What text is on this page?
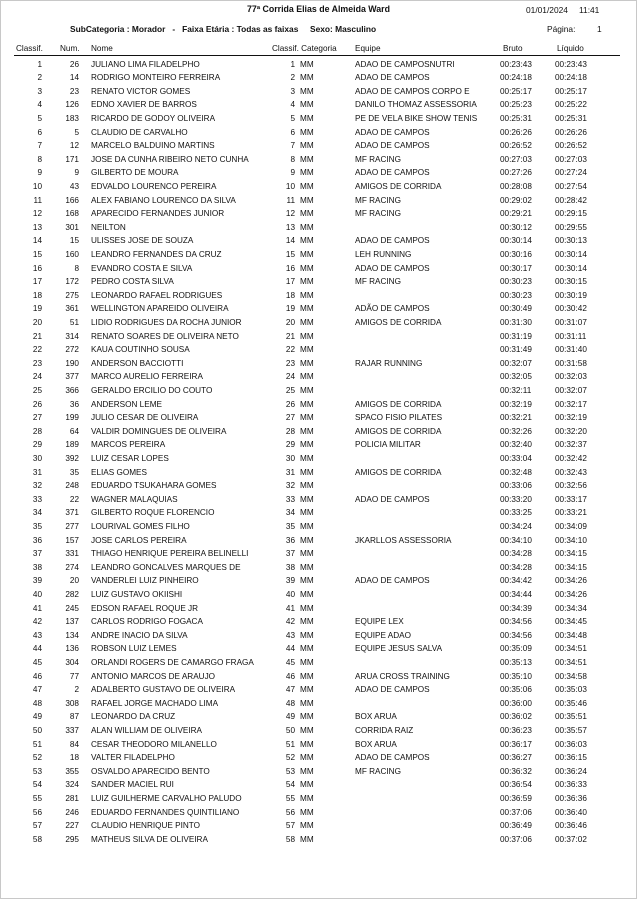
77ª Corrida Elias de Almeida Ward	01/01/2024 11:41
SubCategoria : Morador   -   Faixa Etária : Todas as faixas     Sexo: Masculino	Página:	1
Classif. Num. Nome	Classif. Categoria Equipe	Bruto	Líquido
1	26 JULIANO LIMA FILADELPHO	1 MM	ADAO DE CAMPOSNUTRI	00:23:43	00:23:43
2	14 RODRIGO MONTEIRO FERREIRA	2 MM	ADAO DE CAMPOS	00:24:18	00:24:18
3	23 RENATO VICTOR GOMES	3 MM	ADAO DE CAMPOS CORPO E	00:25:17	00:25:17
4	126 EDNO XAVIER DE BARROS	4 MM	DANILO THOMAZ ASSESSORIA	00:25:23	00:25:22
5	183 RICARDO DE GODOY OLIVEIRA	5 MM	PE DE VELA BIKE SHOW TENIS	00:25:31	00:25:31
6	5 CLAUDIO DE CARVALHO	6 MM	ADAO DE CAMPOS	00:26:26	00:26:26
7	12 MARCELO BALDUINO MARTINS	7 MM	ADAO DE CAMPOS	00:26:52	00:26:52
8	171 JOSE DA CUNHA RIBEIRO NETO CUNHA	8 MM	MF RACING	00:27:03	00:27:03
9	9 GILBERTO DE MOURA	9 MM	ADAO DE CAMPOS	00:27:26	00:27:24
10	43 EDVALDO LOURENCO PEREIRA	10 MM	AMIGOS DE CORRIDA	00:28:08	00:27:54
11	166 ALEX FABIANO LOURENCO DA SILVA	11 MM	MF RACING	00:29:02	00:28:42
12	168 APARECIDO FERNANDES JUNIOR	12 MM	MF RACING	00:29:21	00:29:15
13	301 NEILTON	13 MM	00:30:12	00:29:55
14	15 ULISSES JOSE DE SOUZA	14 MM	ADAO DE CAMPOS	00:30:14	00:30:13
15	160 LEANDRO FERNANDES DA CRUZ	15 MM	LEH RUNNING	00:30:16	00:30:14
16	8 EVANDRO COSTA E SILVA	16 MM	ADAO DE CAMPOS	00:30:17	00:30:14
17	172 PEDRO COSTA SILVA	17 MM	MF RACING	00:30:23	00:30:15
18	275 LEONARDO RAFAEL RODRIGUES	18 MM	00:30:23	00:30:19
19	361 WELLINGTON APAREIDO OLIVEIRA	19 MM	ADÃO DE CAMPOS	00:30:49	00:30:42
20	51 LIDIO RODRIGUES DA ROCHA JUNIOR	20 MM	AMIGOS DE CORRIDA	00:31:30	00:31:07
21	314 RENATO SOARES DE OLIVEIRA NETO	21 MM	00:31:19	00:31:11
22	272 KAUA COUTINHO SOUSA	22 MM	00:31:49	00:31:40
23	190 ANDERSON BACCIOTTI	23 MM	RAJAR RUNNING	00:32:07	00:31:58
24	377 MARCO AURELIO FERREIRA	24 MM	00:32:05	00:32:03
25	366 GERALDO ERCILIO DO COUTO	25 MM	00:32:11	00:32:07
26	36 ANDERSON LEME	26 MM	AMIGOS DE CORRIDA	00:32:19	00:32:17
27	199 JULIO CESAR DE OLIVEIRA	27 MM	SPACO FISIO PILATES	00:32:21	00:32:19
28	64 VALDIR DOMINGUES DE OLIVEIRA	28 MM	AMIGOS DE CORRIDA	00:32:26	00:32:20
29	189 MARCOS PEREIRA	29 MM	POLICIA MILITAR	00:32:40	00:32:37
30	392 LUIZ CESAR LOPES	30 MM	00:33:04	00:32:42
31	35 ELIAS GOMES	31 MM	AMIGOS DE CORRIDA	00:32:48	00:32:43
32	248 EDUARDO TSUKAHARA GOMES	32 MM	00:33:06	00:32:56
33	22 WAGNER MALAQUIAS	33 MM	ADAO DE CAMPOS	00:33:20	00:33:17
34	371 GILBERTO ROQUE FLORENCIO	34 MM	00:33:25	00:33:21
35	277 LOURIVAL GOMES FILHO	35 MM	00:34:24	00:34:09
36	157 JOSE CARLOS PEREIRA	36 MM	JKARLLOS ASSESSORIA	00:34:10	00:34:10
37	331 THIAGO HENRIQUE PEREIRA BELINELLI	37 MM	00:34:28	00:34:15
38	274 LEANDRO GONCALVES MARQUES DE	38 MM	00:34:28	00:34:15
39	20 VANDERLEI LUIZ PINHEIRO	39 MM	ADAO DE CAMPOS	00:34:42	00:34:26
40	282 LUIZ GUSTAVO OKIISHI	40 MM	00:34:44	00:34:26
41	245 EDSON RAFAEL ROQUE JR	41 MM	00:34:39	00:34:34
42	137 CARLOS RODRIGO FOGACA	42 MM	EQUIPE LEX	00:34:56	00:34:45
43	134 ANDRE INACIO DA SILVA	43 MM	EQUIPE ADAO	00:34:56	00:34:48
44	136 ROBSON LUIZ LEMES	44 MM	EQUIPE JESUS SALVA	00:35:09	00:34:51
45	304 ORLANDI ROGERS DE CAMARGO FRAGA	45 MM	00:35:13	00:34:51
46	77 ANTONIO MARCOS DE ARAUJO	46 MM	ARUA CROSS TRAINING	00:35:10	00:34:58
47	2 ADALBERTO GUSTAVO DE OLIVEIRA	47 MM	ADAO DE CAMPOS	00:35:06	00:35:03
48	308 RAFAEL JORGE MACHADO LIMA	48 MM	00:36:00	00:35:46
49	87 LEONARDO DA CRUZ	49 MM	BOX ARUA	00:36:02	00:35:51
50	337 ALAN WILLIAM DE OLIVEIRA	50 MM	CORRIDA RAIZ	00:36:23	00:35:57
51	84 CESAR THEODORO MILANELLO	51 MM	BOX ARUA	00:36:17	00:36:03
52	18 VALTER FILADELPHO	52 MM	ADAO DE CAMPOS	00:36:27	00:36:15
53	355 OSVALDO APARECIDO BENTO	53 MM	MF RACING	00:36:32	00:36:24
54	324 SANDER MACIEL RUI	54 MM	00:36:54	00:36:33
55	281 LUIZ GUILHERME CARVALHO PALUDO	55 MM	00:36:59	00:36:36
56	246 EDUARDO FERNANDES QUINTILIANO	56 MM	00:37:06	00:36:40
57	227 CLAUDIO HENRIQUE PINTO	57 MM	00:36:49	00:36:46
58	295 MATHEUS SILVA DE OLIVEIRA	58 MM	00:37:06	00:37:02
